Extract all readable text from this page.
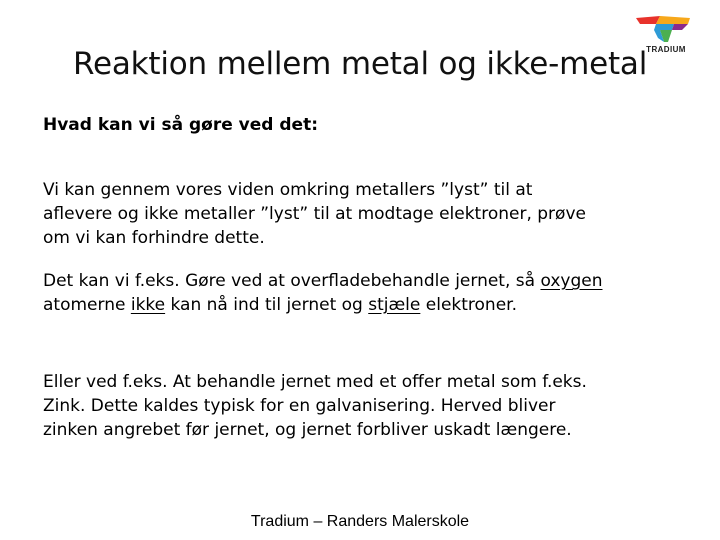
Reaktion mellem metal og ikke-metal TRADIUM
Hvad kan vi så gøre ved det:
Vi kan gennem vores viden omkring metallers ”lyst” til at
aflevere og ikke metaller ”lyst” til at modtage elektroner, prøve
om vi kan forhindre dette.
Det kan vi f.eks. Gøre ved at overfladebehandle jernet, så oxygen
atomerne ikke kan nå ind til jernet og stjæle elektroner.
Eller ved f.eks. At behandle jernet med et offer metal som f.eks.
Zink. Dette kaldes typisk for en galvanisering. Herved bliver
zinken angrebet før jernet, og jernet forbliver uskadt længere.
Tradium – Randers Malerskole
